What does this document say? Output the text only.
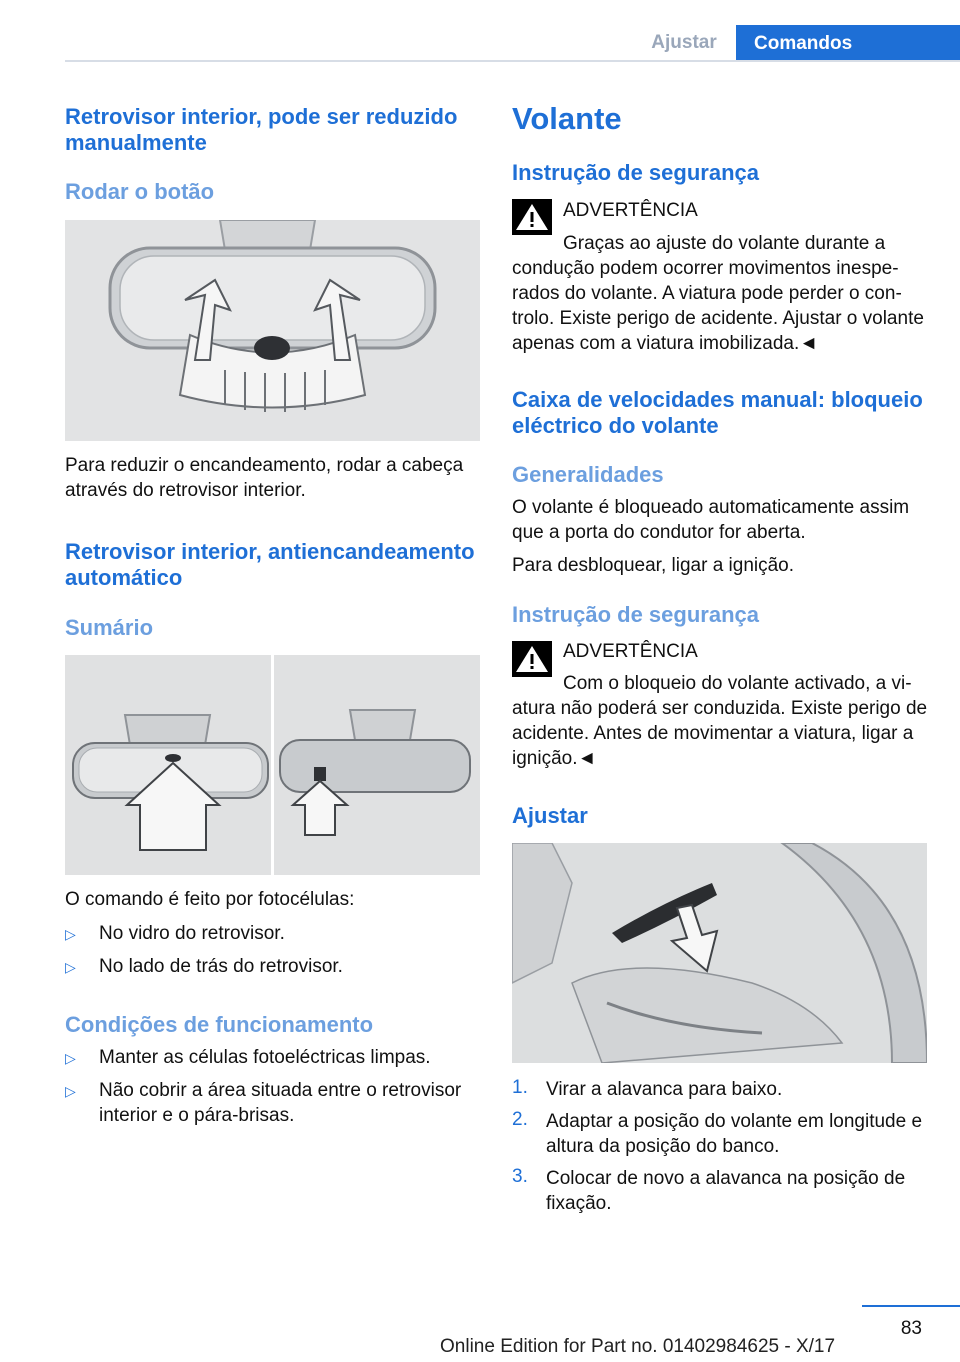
Ajustar	Comandos

Retrovisor interior, pode ser reduzido manualmente

Rodar o botão

Para reduzir o encandeamento, rodar a cabeça através do retrovisor interior.

Retrovisor interior, antiencandeamento automático

Sumário

O comando é feito por fotocélulas:

▷	No vidro do retrovisor.
▷	No lado de trás do retrovisor.

Condições de funcionamento

▷	Manter as células fotoeléctricas limpas.
▷	Não cobrir a área situada entre o retrovisor interior e o pára-brisas.

Volante

Instrução de segurança

ADVERTÊNCIA

Graças ao ajuste do volante durante a condução podem ocorrer movimentos inesperados do volante. A viatura pode perder o controlo. Existe perigo de acidente. Ajustar o volante apenas com a viatura imobilizada.◄

Caixa de velocidades manual: bloqueio eléctrico do volante

Generalidades

O volante é bloqueado automaticamente assim que a porta do condutor for aberta.

Para desbloquear, ligar a ignição.

Instrução de segurança

ADVERTÊNCIA

Com o bloqueio do volante activado, a viatura não poderá ser conduzida. Existe perigo de acidente. Antes de movimentar a viatura, ligar a ignição.◄

Ajustar

1. Virar a alavanca para baixo.
2. Adaptar a posição do volante em longitude e altura da posição do banco.
3. Colocar de novo a alavanca na posição de fixação.
83
Online Edition for Part no. 01402984625 - X/17
